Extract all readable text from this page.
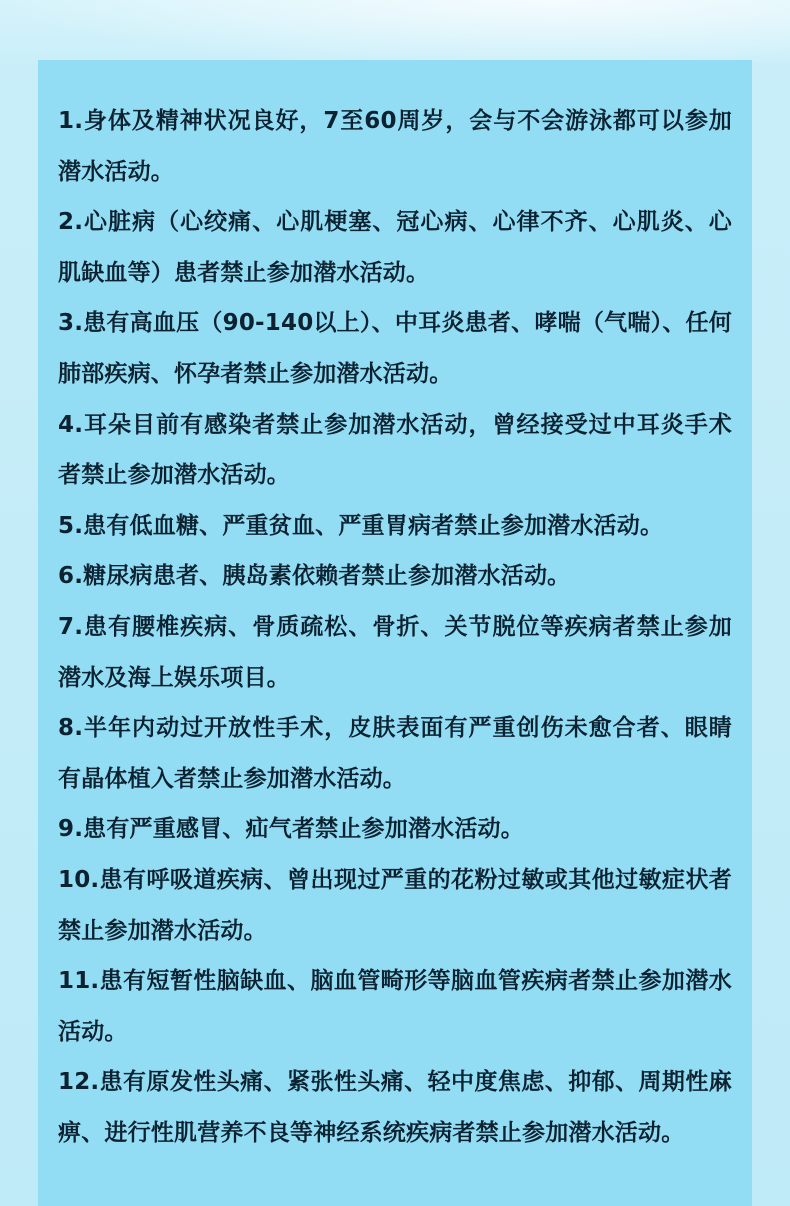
1.身体及精神状况良好，7至60周岁，会与不会游泳都可以参加潜水活动。
2.心脏病（心绞痛、心肌梗塞、冠心病、心律不齐、心肌炎、心肌缺血等）患者禁止参加潜水活动。
3.患有高血压（90-140以上）、中耳炎患者、哮喘（气喘）、任何肺部疾病、怀孕者禁止参加潜水活动。
4.耳朵目前有感染者禁止参加潜水活动，曾经接受过中耳炎手术者禁止参加潜水活动。
5.患有低血糖、严重贫血、严重胃病者禁止参加潜水活动。
6.糖尿病患者、胰岛素依赖者禁止参加潜水活动。
7.患有腰椎疾病、骨质疏松、骨折、关节脱位等疾病者禁止参加潜水及海上娱乐项目。
8.半年内动过开放性手术，皮肤表面有严重创伤未愈合者、眼睛有晶体植入者禁止参加潜水活动。
9.患有严重感冒、疝气者禁止参加潜水活动。
10.患有呼吸道疾病、曾出现过严重的花粉过敏或其他过敏症状者禁止参加潜水活动。
11.患有短暂性脑缺血、脑血管畸形等脑血管疾病者禁止参加潜水活动。
12.患有原发性头痛、紧张性头痛、轻中度焦虑、抑郁、周期性麻痹、进行性肌营养不良等神经系统疾病者禁止参加潜水活动。
